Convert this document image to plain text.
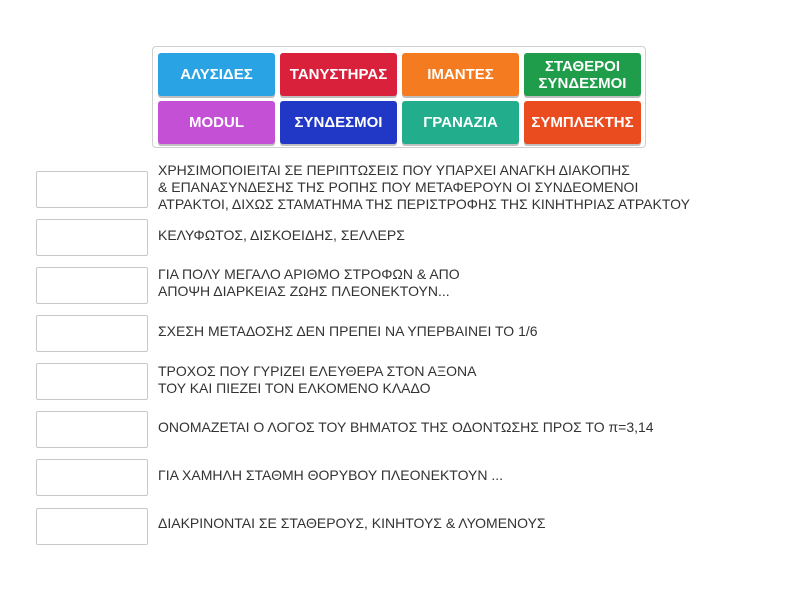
ΑΛΥΣΙΔΕΣ ΤΑΝΥΣΤΗΡΑΣ	ΙΜΑΝΤΕΣ	ΣΤΑΘΕΡΟΙ
ΣΥΝΔΕΣΜΟΙ
MODUL	ΣΥΝΔΕΣΜΟΙ	ΓΡΑΝΑΖΙΑ ΣΥΜΠΛΕΚΤΗΣ
ΧΡΗΣΙΜΟΠΟΙΕΙΤΑΙ ΣΕ ΠΕΡΙΠΤΩΣΕΙΣ ΠΟΥ ΥΠΑΡΧΕΙ ΑΝΑΓΚΗ ΔΙΑΚΟΠΗΣ
& ΕΠΑΝΑΣΥΝΔΕΣΗΣ ΤΗΣ ΡΟΠΗΣ ΠΟΥ ΜΕΤΑΦΕΡΟΥΝ ΟΙ ΣΥΝΔΕΟΜΕΝΟΙ
ΑΤΡΑΚΤΟΙ, ΔΙΧΩΣ ΣΤΑΜΑΤΗΜΑ ΤΗΣ ΠΕΡΙΣΤΡΟΦΗΣ ΤΗΣ ΚΙΝΗΤΗΡΙΑΣ ΑΤΡΑΚΤΟΥ
ΚΕΛΥΦΩΤΟΣ, ΔΙΣΚΟΕΙΔΗΣ, ΣΕΛΛΕΡΣ
ΓΙΑ ΠΟΛΥ ΜΕΓΑΛΟ ΑΡΙΘΜΟ ΣΤΡΟΦΩΝ & ΑΠΟ
ΑΠΟΨΗ ΔΙΑΡΚΕΙΑΣ ΖΩΗΣ ΠΛΕΟΝΕΚΤΟΥΝ...
ΣΧΕΣΗ ΜΕΤΑΔΟΣΗΣ ΔΕΝ ΠΡΕΠΕΙ ΝΑ ΥΠΕΡΒΑΙΝΕΙ ΤΟ 1/6
ΤΡΟΧΟΣ ΠΟΥ ΓΥΡΙΖΕΙ ΕΛΕΥΘΕΡΑ ΣΤΟΝ ΑΞΟΝΑ
ΤΟΥ ΚΑΙ ΠΙΕΖΕΙ ΤΟΝ ΕΛΚΟΜΕΝΟ ΚΛΑΔΟ
ΟΝΟΜΑΖΕΤΑΙ Ο ΛΟΓΟΣ ΤΟΥ ΒΗΜΑΤΟΣ ΤΗΣ ΟΔΟΝΤΩΣΗΣ ΠΡΟΣ ΤΟ π=3,14
ΓΙΑ ΧΑΜΗΛΗ ΣΤΑΘΜΗ ΘΟΡΥΒΟΥ ΠΛΕΟΝΕΚΤΟΥΝ ...
ΔΙΑΚΡΙΝΟΝΤΑΙ ΣΕ ΣΤΑΘΕΡΟΥΣ, ΚΙΝΗΤΟΥΣ & ΛΥΟΜΕΝΟΥΣ
